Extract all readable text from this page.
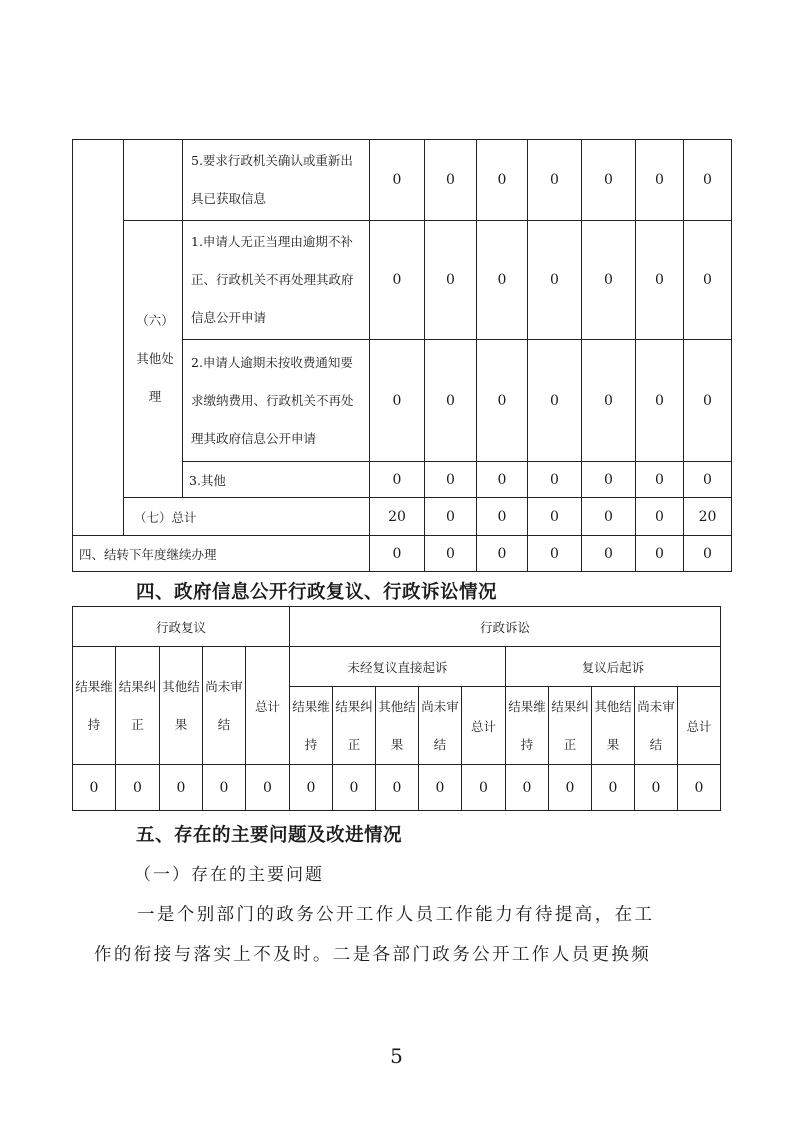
		5.要求行政机关确认或重新出具已获取信息	0	0	0	0	0	0	0
	（六）其他处理	1.申请人无正当理由逾期不补正、行政机关不再处理其政府信息公开申请	0	0	0	0	0	0	0
		2.申请人逾期未按收费通知要求缴纳费用、行政机关不再处理其政府信息公开申请	0	0	0	0	0	0	0
		3.其他	0	0	0	0	0	0	0
	（七）总计		20	0	0	0	0	0	20
四、结转下年度继续办理			0	0	0	0	0	0	0
四、政府信息公开行政复议、行政诉讼情况
行政复议					行政诉讼									
结果维持	结果纠正	其他结果	尚未审结	总计	未经复议直接起诉					复议后起诉				
					结果维持	结果纠正	其他结果	尚未审结	总计	结果维持	结果纠正	其他结果	尚未审结	总计
0	0	0	0	0	0	0	0	0	0	0	0	0	0	0
五、存在的主要问题及改进情况
（一）存在的主要问题
一是个别部门的政务公开工作人员工作能力有待提高，在工
作的衔接与落实上不及时。二是各部门政务公开工作人员更换频
5
